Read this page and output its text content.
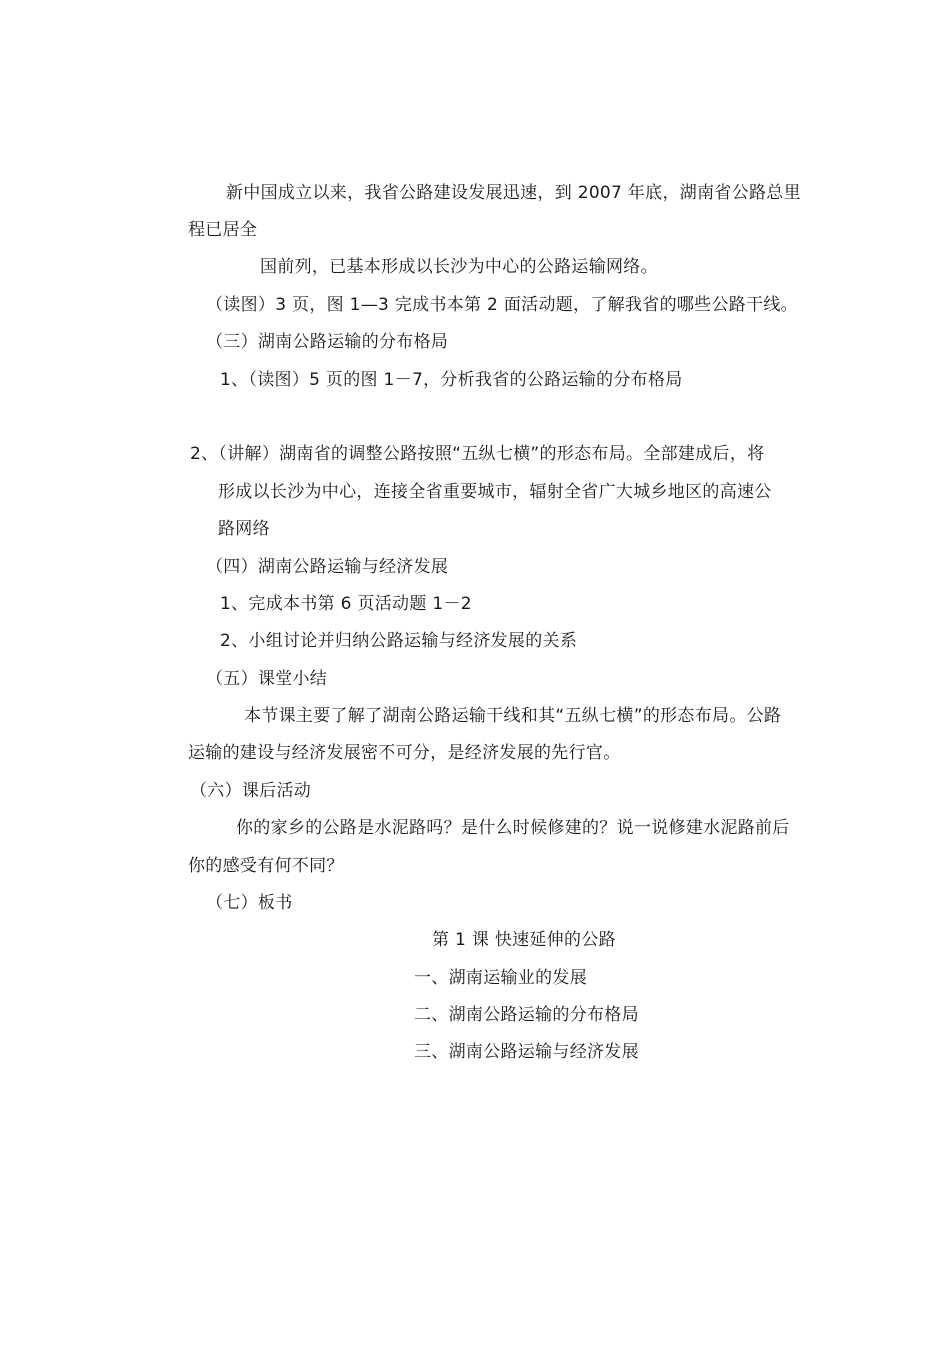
新中国成立以来，我省公路建设发展迅速，到 2007 年底，湖南省公路总里
程已居全
国前列，已基本形成以长沙为中心的公路运输网络。
（读图）3 页，图 1—3 完成书本第 2 面活动题，了解我省的哪些公路干线。
（三）湖南公路运输的分布格局
1、（读图）5 页的图 1－7，分析我省的公路运输的分布格局
2、（讲解）湖南省的调整公路按照“五纵七横”的形态布局。全部建成后，将
形成以长沙为中心，连接全省重要城市，辐射全省广大城乡地区的高速公
路网络
（四）湖南公路运输与经济发展
1、完成本书第 6 页活动题 1－2
2、小组讨论并归纳公路运输与经济发展的关系
（五）课堂小结
本节课主要了解了湖南公路运输干线和其“五纵七横”的形态布局。公路
运输的建设与经济发展密不可分，是经济发展的先行官。
（六）课后活动
你的家乡的公路是水泥路吗？是什么时候修建的？说一说修建水泥路前后
你的感受有何不同？
（七）板书
第 1 课 快速延伸的公路
一、湖南运输业的发展
二、湖南公路运输的分布格局
三、湖南公路运输与经济发展
